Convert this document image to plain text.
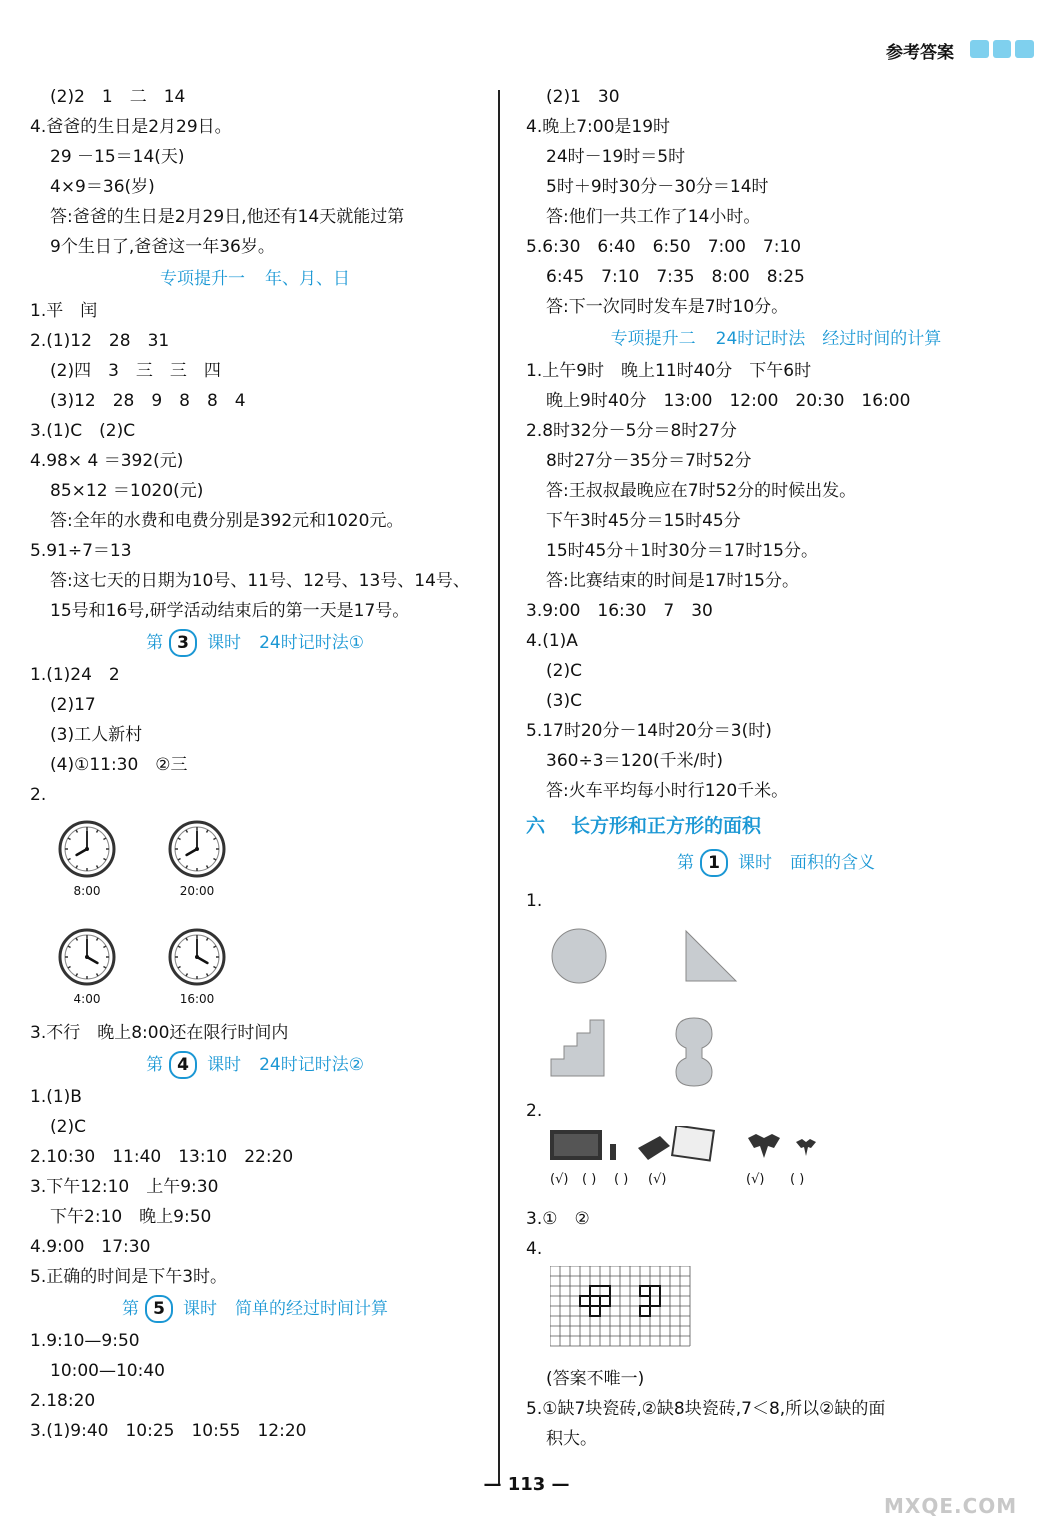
参考答案
(2)2　1　二　14
4.爸爸的生日是2月29日。
29 －15＝14(天)
4×9＝36(岁)
答:爸爸的生日是2月29日,他还有14天就能过第
9个生日了,爸爸这一年36岁。
专项提升一 年、月、日
1.平　闰
2.(1)12　28　31
(2)四　3　三　三　四
(3)12　28　9　8　8　4
3.(1)C　(2)C
4.98× 4 ＝392(元)
85×12 ＝1020(元)
答:全年的水费和电费分别是392元和1020元。
5.91÷7＝13
答:这七天的日期为10号、11号、12号、13号、14号、
15号和16号,研学活动结束后的第一天是17号。
第 3 课时 24时记时法①
1.(1)24　2
(2)17
(3)工人新村
(4)①11:30　②三
2.
8:00	20:00
4:00	16:00
3.不行　晚上8:00还在限行时间内
第 4 课时 24时记时法②
1.(1)B
(2)C
2.10:30　11:40　13:10　22:20
3.下午12:10　上午9:30
下午2:10　晚上9:50
4.9:00　17:30
5.正确的时间是下午3时。
第 5 课时 简单的经过时间计算
1.9:10—9:50
10:00—10:40
2.18:20
3.(1)9:40　10:25　10:55　12:20
(2)1　30
4.晚上7:00是19时
24时－19时＝5时
5时＋9时30分－30分＝14时
答:他们一共工作了14小时。
5.6:30　6:40　6:50　7:00　7:10
6:45　7:10　7:35　8:00　8:25
答:下一次同时发车是7时10分。
专项提升二 24时记时法　经过时间的计算
1.上午9时　晚上11时40分　下午6时
晚上9时40分　13:00　12:00　20:30　16:00
2.8时32分－5分＝8时27分
8时27分－35分＝7时52分
答:王叔叔最晚应在7时52分的时候出发。
下午3时45分＝15时45分
15时45分＋1时30分＝17时15分。
答:比赛结束的时间是17时15分。
3.9:00　16:30　7　30
4.(1)A
(2)C
(3)C
5.17时20分－14时20分＝3(时)
360÷3＝120(千米/时)
答:火车平均每小时行120千米。
六 长方形和正方形的面积
第 1 课时 面积的含义
1.
2.
(√) ( ) ( ) (√)	(√) ( )
3.①　②
4.
(答案不唯一)
5.①缺7块瓷砖,②缺8块瓷砖,7＜8,所以②缺的面
积大。
— 113 —
MXQE.COM
